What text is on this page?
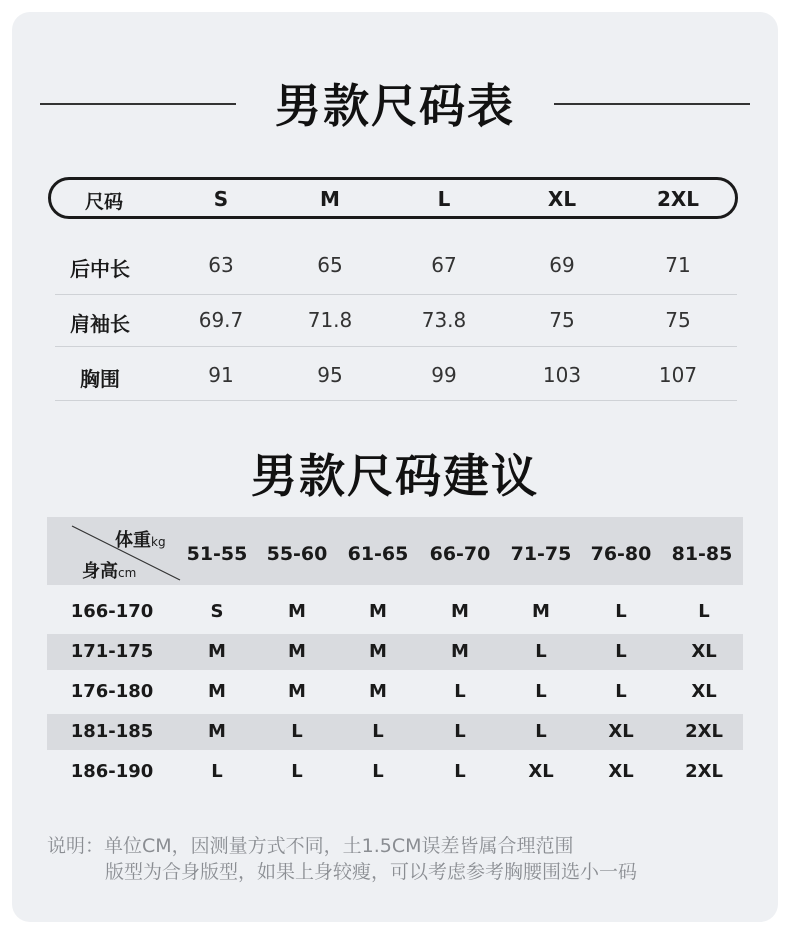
男款尺码表
尺码	S	M	L	XL	2XL
后中长	63	65	67	69	71
肩袖长	69.7	71.8	73.8	75	75
胸围	91	95	99	103	107
男款尺码建议
体重kg
身高cm
51-55	55-60	61-65	66-70	71-75	76-80	81-85
166-170	S	M	M	M	M	L	L
171-175	M	M	M	M	L	L	XL
176-180	M	M	M	L	L	L	XL
181-185	M	L	L	L	L	XL	2XL
186-190	L	L	L	L	XL	XL	2XL
说明：单位CM，因测量方式不同，土1.5CM误差皆属合理范围
版型为合身版型，如果上身较瘦，可以考虑参考胸腰围选小一码
